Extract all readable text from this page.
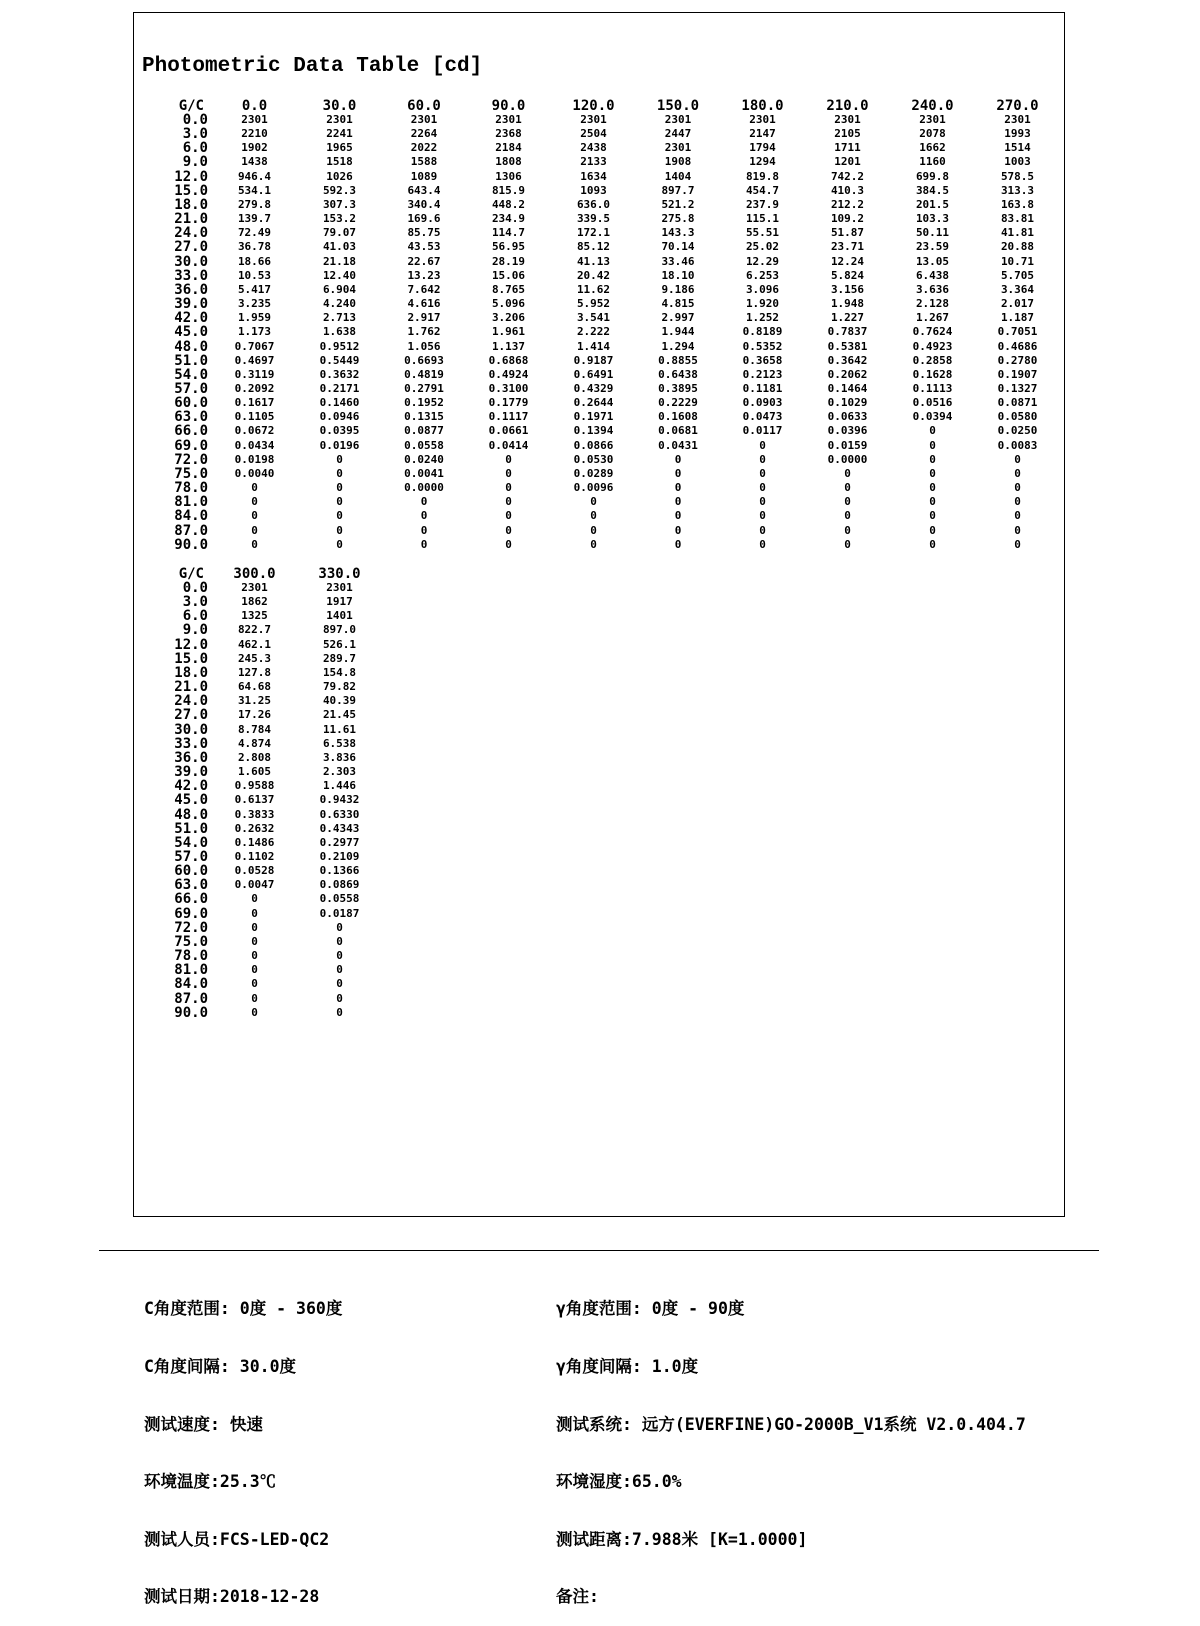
Photometric Data Table [cd]
G/C	0.0	30.0	60.0	90.0	120.0	150.0	180.0	210.0	240.0	270.0
0.0	2301	2301	2301	2301	2301	2301	2301	2301	2301	2301
3.0	2210	2241	2264	2368	2504	2447	2147	2105	2078	1993
6.0	1902	1965	2022	2184	2438	2301	1794	1711	1662	1514
9.0	1438	1518	1588	1808	2133	1908	1294	1201	1160	1003
12.0	946.4	1026	1089	1306	1634	1404	819.8	742.2	699.8	578.5
15.0	534.1	592.3	643.4	815.9	1093	897.7	454.7	410.3	384.5	313.3
18.0	279.8	307.3	340.4	448.2	636.0	521.2	237.9	212.2	201.5	163.8
21.0	139.7	153.2	169.6	234.9	339.5	275.8	115.1	109.2	103.3	83.81
24.0	72.49	79.07	85.75	114.7	172.1	143.3	55.51	51.87	50.11	41.81
27.0	36.78	41.03	43.53	56.95	85.12	70.14	25.02	23.71	23.59	20.88
30.0	18.66	21.18	22.67	28.19	41.13	33.46	12.29	12.24	13.05	10.71
33.0	10.53	12.40	13.23	15.06	20.42	18.10	6.253	5.824	6.438	5.705
36.0	5.417	6.904	7.642	8.765	11.62	9.186	3.096	3.156	3.636	3.364
39.0	3.235	4.240	4.616	5.096	5.952	4.815	1.920	1.948	2.128	2.017
42.0	1.959	2.713	2.917	3.206	3.541	2.997	1.252	1.227	1.267	1.187
45.0	1.173	1.638	1.762	1.961	2.222	1.944	0.8189	0.7837	0.7624	0.7051
48.0	0.7067	0.9512	1.056	1.137	1.414	1.294	0.5352	0.5381	0.4923	0.4686
51.0	0.4697	0.5449	0.6693	0.6868	0.9187	0.8855	0.3658	0.3642	0.2858	0.2780
54.0	0.3119	0.3632	0.4819	0.4924	0.6491	0.6438	0.2123	0.2062	0.1628	0.1907
57.0	0.2092	0.2171	0.2791	0.3100	0.4329	0.3895	0.1181	0.1464	0.1113	0.1327
60.0	0.1617	0.1460	0.1952	0.1779	0.2644	0.2229	0.0903	0.1029	0.0516	0.0871
63.0	0.1105	0.0946	0.1315	0.1117	0.1971	0.1608	0.0473	0.0633	0.0394	0.0580
66.0	0.0672	0.0395	0.0877	0.0661	0.1394	0.0681	0.0117	0.0396	0	0.0250
69.0	0.0434	0.0196	0.0558	0.0414	0.0866	0.0431	0	0.0159	0	0.0083
72.0	0.0198	0	0.0240	0	0.0530	0	0	0.0000	0	0
75.0	0.0040	0	0.0041	0	0.0289	0	0	0	0	0
78.0	0	0	0.0000	0	0.0096	0	0	0	0	0
81.0	0	0	0	0	0	0	0	0	0	0
84.0	0	0	0	0	0	0	0	0	0	0
87.0	0	0	0	0	0	0	0	0	0	0
90.0	0	0	0	0	0	0	0	0	0	0
G/C	300.0	330.0
0.0	2301	2301
3.0	1862	1917
6.0	1325	1401
9.0	822.7	897.0
12.0	462.1	526.1
15.0	245.3	289.7
18.0	127.8	154.8
21.0	64.68	79.82
24.0	31.25	40.39
27.0	17.26	21.45
30.0	8.784	11.61
33.0	4.874	6.538
36.0	2.808	3.836
39.0	1.605	2.303
42.0	0.9588	1.446
45.0	0.6137	0.9432
48.0	0.3833	0.6330
51.0	0.2632	0.4343
54.0	0.1486	0.2977
57.0	0.1102	0.2109
60.0	0.0528	0.1366
63.0	0.0047	0.0869
66.0	0	0.0558
69.0	0	0.0187
72.0	0	0
75.0	0	0
78.0	0	0
81.0	0	0
84.0	0	0
87.0	0	0
90.0	0	0

C角度范围: 0度 - 360度

C角度间隔: 30.0度

测试速度: 快速

环境温度:25.3℃

测试人员:FCS-LED-QC2

测试日期:2018-12-28

γ角度范围: 0度 - 90度

γ角度间隔: 1.0度

测试系统: 远方(EVERFINE)GO-2000B_V1系统 V2.0.404.7

环境湿度:65.0%

测试距离:7.988米 [K=1.0000]

备注:
